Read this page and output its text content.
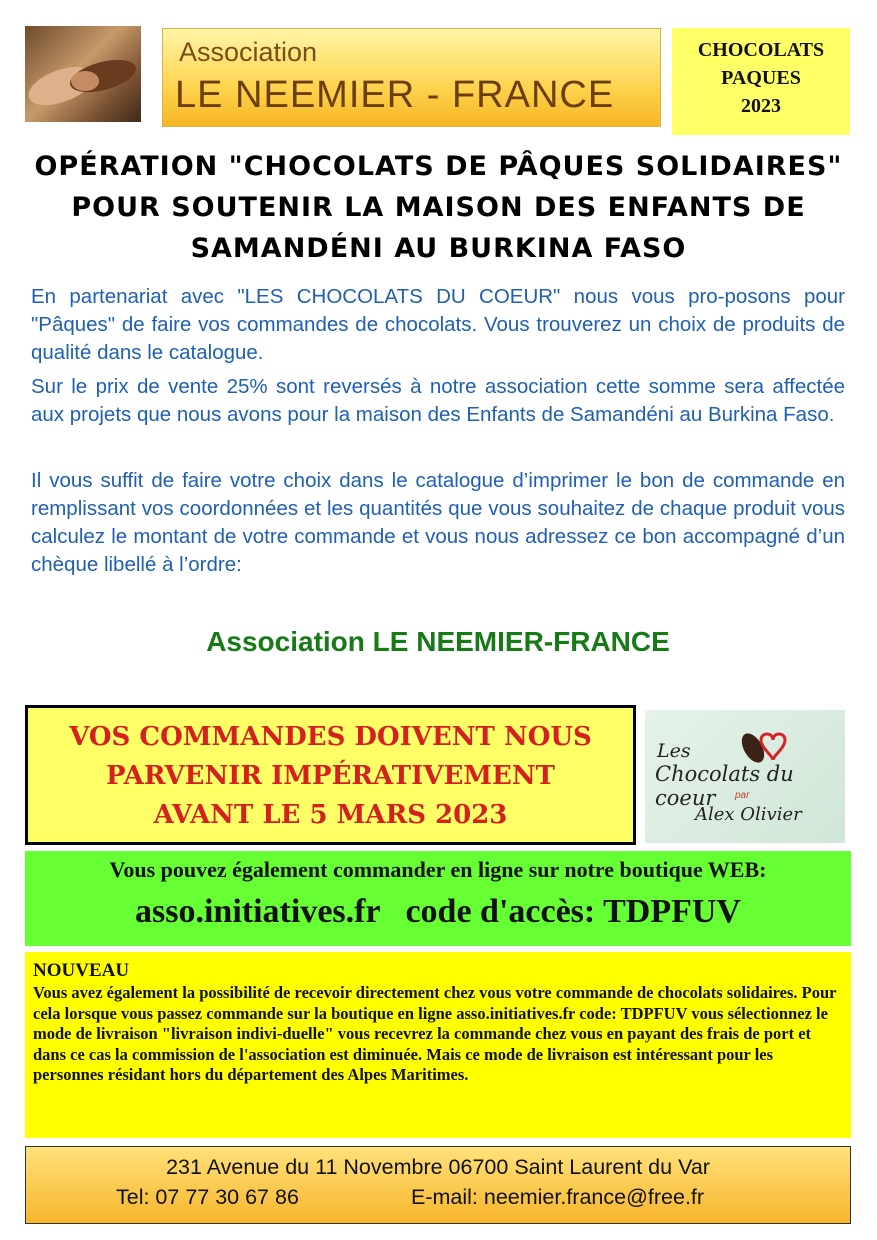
Association
LE NEEMIER - FRANCE
CHOCOLATS
PAQUES
2023
OPÉRATION "CHOCOLATS DE PÂQUES SOLIDAIRES"
POUR SOUTENIR LA MAISON DES ENFANTS DE
SAMANDÉNI AU BURKINA FASO
En partenariat avec "LES CHOCOLATS DU COEUR" nous vous pro-posons pour "Pâques" de faire vos commandes de chocolats. Vous trouverez un choix de produits de qualité dans le catalogue.
Sur le prix de vente 25% sont reversés à notre association cette somme sera affectée aux projets que nous avons pour la maison des Enfants de Samandéni au Burkina Faso.
Il vous suffit de faire votre choix dans le catalogue d’imprimer le bon de commande en remplissant vos coordonnées et les quantités que vous souhaitez de chaque produit vous calculez le montant de votre commande et vous nous adressez ce bon accompagné d’un chèque libellé à l’ordre:
Association LE NEEMIER-FRANCE
VOS COMMANDES DOIVENT NOUS
PARVENIR IMPÉRATIVEMENT
AVANT LE 5 MARS 2023
Les
Chocolats du coeur	par
Alex Olivier
Vous pouvez également commander en ligne sur notre boutique WEB:
asso.initiatives.fr   code d'accès: TDPFUV
NOUVEAU
Vous avez également la possibilité de recevoir directement chez vous votre commande de chocolats solidaires. Pour cela lorsque vous passez commande sur la boutique en ligne asso.initiatives.fr code: TDPFUV vous sélectionnez le mode de livraison "livraison indivi-duelle" vous recevrez la commande chez vous en payant des frais de port et dans ce cas la commission de l'association est diminuée. Mais ce mode de livraison est intéressant pour les personnes résidant hors du département des Alpes Maritimes.
231 Avenue du 11 Novembre 06700 Saint Laurent du Var
Tel: 07 77 30 67 86	E-mail: neemier.france@free.fr
